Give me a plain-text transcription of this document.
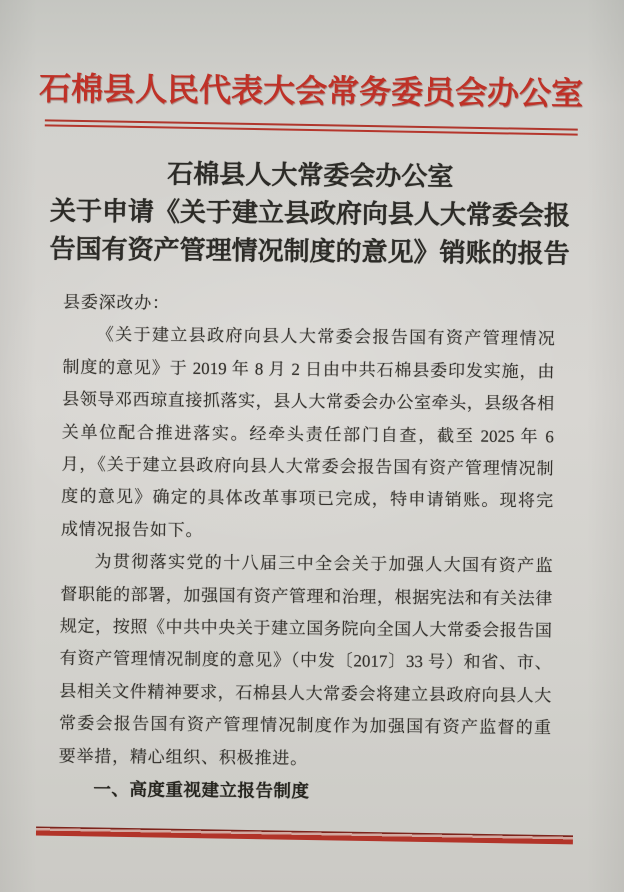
石棉县人民代表大会常务委员会办公室
石棉县人大常委会办公室
关于申请《关于建立县政府向县人大常委会报
告国有资产管理情况制度的意见》销账的报告
县委深改办：
《关于建立县政府向县人大常委会报告国有资产管理情况
制度的意见》于 2019 年 8 月 2 日由中共石棉县委印发实施，由
县领导邓西琼直接抓落实，县人大常委会办公室牵头，县级各相
关单位配合推进落实。经牵头责任部门自查，截至 2025 年 6
月，《关于建立县政府向县人大常委会报告国有资产管理情况制
度的意见》确定的具体改革事项已完成，特申请销账。现将完
成情况报告如下。
为贯彻落实党的十八届三中全会关于加强人大国有资产监
督职能的部署，加强国有资产管理和治理，根据宪法和有关法律
规定，按照《中共中央关于建立国务院向全国人大常委会报告国
有资产管理情况制度的意见》（中发〔2017〕33 号）和省、市、
县相关文件精神要求，石棉县人大常委会将建立县政府向县人大
常委会报告国有资产管理情况制度作为加强国有资产监督的重
要举措，精心组织、积极推进。
一、高度重视建立报告制度
